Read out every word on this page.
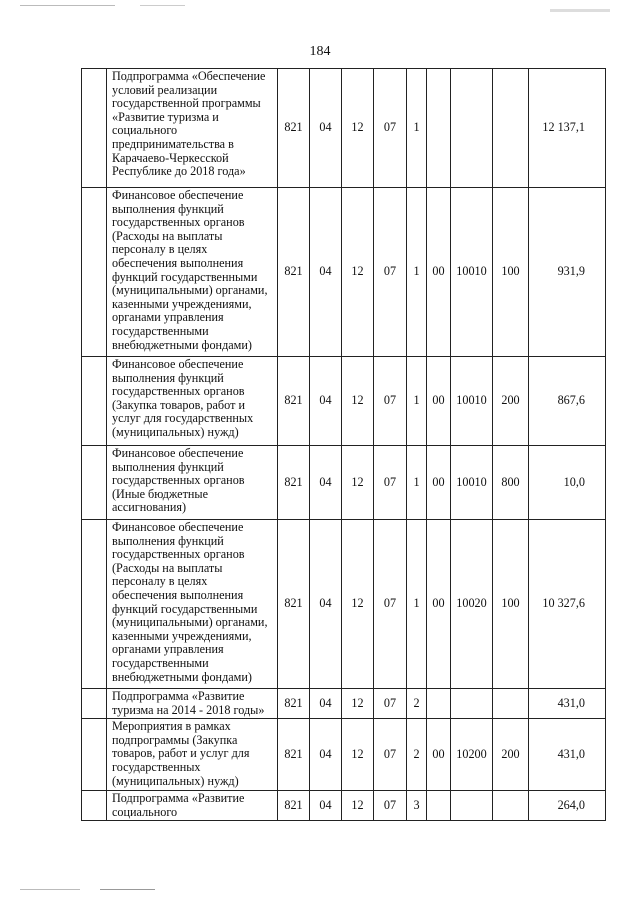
184
	Подпрограмма «Обеспечение условий реализации государственной программы «Развитие туризма и социального предпринимательства в Карачаево-Черкесской Республике до 2018 года»	821	04	12	07	1				12 137,1
	Финансовое обеспечение выполнения функций государственных органов (Расходы на выплаты персоналу в целях обеспечения выполнения функций государственными (муниципальными) органами, казенными учреждениями, органами управления государственными внебюджетными фондами)	821	04	12	07	1	00	10010	100	931,9
	Финансовое обеспечение выполнения функций государственных органов (Закупка товаров, работ и услуг для государственных (муниципальных) нужд)	821	04	12	07	1	00	10010	200	867,6
	Финансовое обеспечение выполнения функций государственных органов (Иные бюджетные ассигнования)	821	04	12	07	1	00	10010	800	10,0
	Финансовое обеспечение выполнения функций государственных органов (Расходы на выплаты персоналу в целях обеспечения выполнения функций государственными (муниципальными) органами, казенными учреждениями, органами управления государственными внебюджетными фондами)	821	04	12	07	1	00	10020	100	10 327,6
	Подпрограмма «Развитие туризма на 2014 - 2018 годы»	821	04	12	07	2				431,0
	Мероприятия в рамках подпрограммы (Закупка товаров, работ и услуг для государственных (муниципальных) нужд)	821	04	12	07	2	00	10200	200	431,0
	Подпрограмма «Развитие социального	821	04	12	07	3				264,0
